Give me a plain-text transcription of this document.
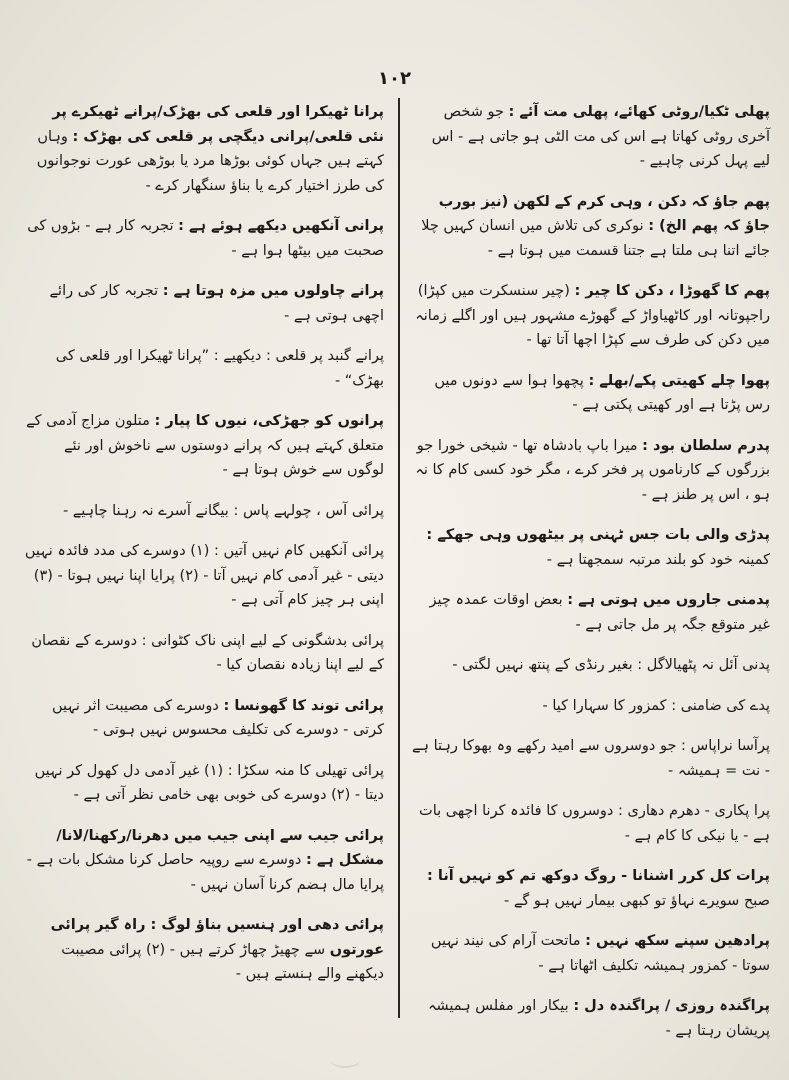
۱۰۲
پھلی ٹکیا/روٹی کھائے، پھلی مت آئے : جو شخص آخری روٹی کھاتا ہے اس کی مت الٹی ہو جاتی ہے - اس لیے پہل کرنی چاہیے -
پھم جاؤ کہ دکن ، وہی کرم کے لکھن (نیز بورب جاؤ کہ پھم الخ) : نوکری کی تلاش میں انسان کہیں چلا جائے اتنا ہی ملتا ہے جتنا قسمت میں ہوتا ہے -
پھم کا گھوڑا ، دکن کا چیر : (چیر سنسکرت میں کپڑا) راجپوتانہ اور کاٹھیاواڑ کے گھوڑے مشہور ہیں اور اگلے زمانہ میں دکن کی طرف سے کپڑا اچھا آتا تھا -
پھوا چلے کھیتی پکے/بھلے : پچھوا ہوا سے دونوں میں رس پڑتا ہے اور کھیتی پکتی ہے -
پدرم سلطان بود : میرا باپ بادشاہ تھا - شیخی خورا جو بزرگوں کے کارناموں پر فخر کرے ، مگر خود کسی کام کا نہ ہو ، اس پر طنز ہے -
پدڑی والی بات جس ٹہنی پر بیٹھوں وہی جھکے : کمینہ خود کو بلند مرتبہ سمجھتا ہے -
پدمنی جاروں میں ہوتی ہے : بعض اوقات عمدہ چیز غیر متوقع جگہ پر مل جاتی ہے -
پدنی آئل نہ پٹھیالاگل : بغیر رنڈی کے پنتھ نہیں لگتی -
پدے کی ضامنی : کمزور کا سہارا کیا -
پرآسا نراپاس : جو دوسروں سے امید رکھے وہ بھوکا رہتا ہے - نت = ہمیشہ -
پرا پکاری - دھرم دھاری : دوسروں کا فائدہ کرنا اچھی بات ہے - یا نیکی کا کام ہے -
پرات کل کرر اشنانا - روگ دوکھ تم کو نہیں آنا : صبح سویرے نہاؤ تو کبھی بیمار نہیں ہو گے -
پرادھین سپنے سکھ نہیں : ماتحت آرام کی نیند نہیں سوتا - کمزور ہمیشہ تکلیف اٹھاتا ہے -
پراگندہ روزی / پراگندہ دل : بیکار اور مفلس ہمیشہ پریشان رہتا ہے -
پرانا ٹھیکرا اور قلعی کی بھڑک/پرانے ٹھیکرے پر نئی قلعی/پرانی دیگچی پر قلعی کی بھڑک : وہاں کہتے ہیں جہاں کوئی بوڑھا مرد یا بوڑھی عورت نوجوانوں کی طرز اختیار کرے یا بناؤ سنگھار کرے -
پرانی آنکھیں دیکھے ہوئے ہے : تجربہ کار ہے - بڑوں کی صحبت میں بیٹھا ہوا ہے -
پرانے چاولوں میں مزہ ہوتا ہے : تجربہ کار کی رائے اچھی ہوتی ہے -
پرانے گنبد پر قلعی : دیکھیے : ”پرانا ٹھیکرا اور قلعی کی بھڑک“ -
پرانوں کو جھڑکی، نیوں کا پیار : متلون مزاج آدمی کے متعلق کہتے ہیں کہ پرانے دوستوں سے ناخوش اور نئے لوگوں سے خوش ہوتا ہے -
پرائی آس ، چولہے پاس : بیگانے آسرے نہ رہنا چاہیے -
پرائی آنکھیں کام نہیں آتیں : (۱) دوسرے کی مدد فائدہ نہیں دیتی - غیر آدمی کام نہیں آتا - (۲) پرایا اپنا نہیں ہوتا - (۳) اپنی ہر چیز کام آتی ہے -
پرائی بدشگونی کے لیے اپنی ناک کٹوانی : دوسرے کے نقصان کے لیے اپنا زیادہ نقصان کیا -
پرائی توند کا گھونسا : دوسرے کی مصیبت اثر نہیں کرتی - دوسرے کی تکلیف محسوس نہیں ہوتی -
پرائی تھیلی کا منہ سکڑا : (۱) غیر آدمی دل کھول کر نہیں دیتا - (۲) دوسرے کی خوبی بھی خامی نظر آتی ہے -
پرائی جیب سے اپنی جیب میں دھرنا/رکھنا/لانا/مشکل ہے : دوسرے سے روپیہ حاصل کرنا مشکل بات ہے - پرایا مال ہضم کرنا آسان نہیں -
پرائی دھی اور ہنسیں بناؤ لوگ : راہ گیر پرائی عورتوں سے چھیڑ چھاڑ کرتے ہیں - (۲) پرائی مصیبت دیکھنے والے ہنستے ہیں -
